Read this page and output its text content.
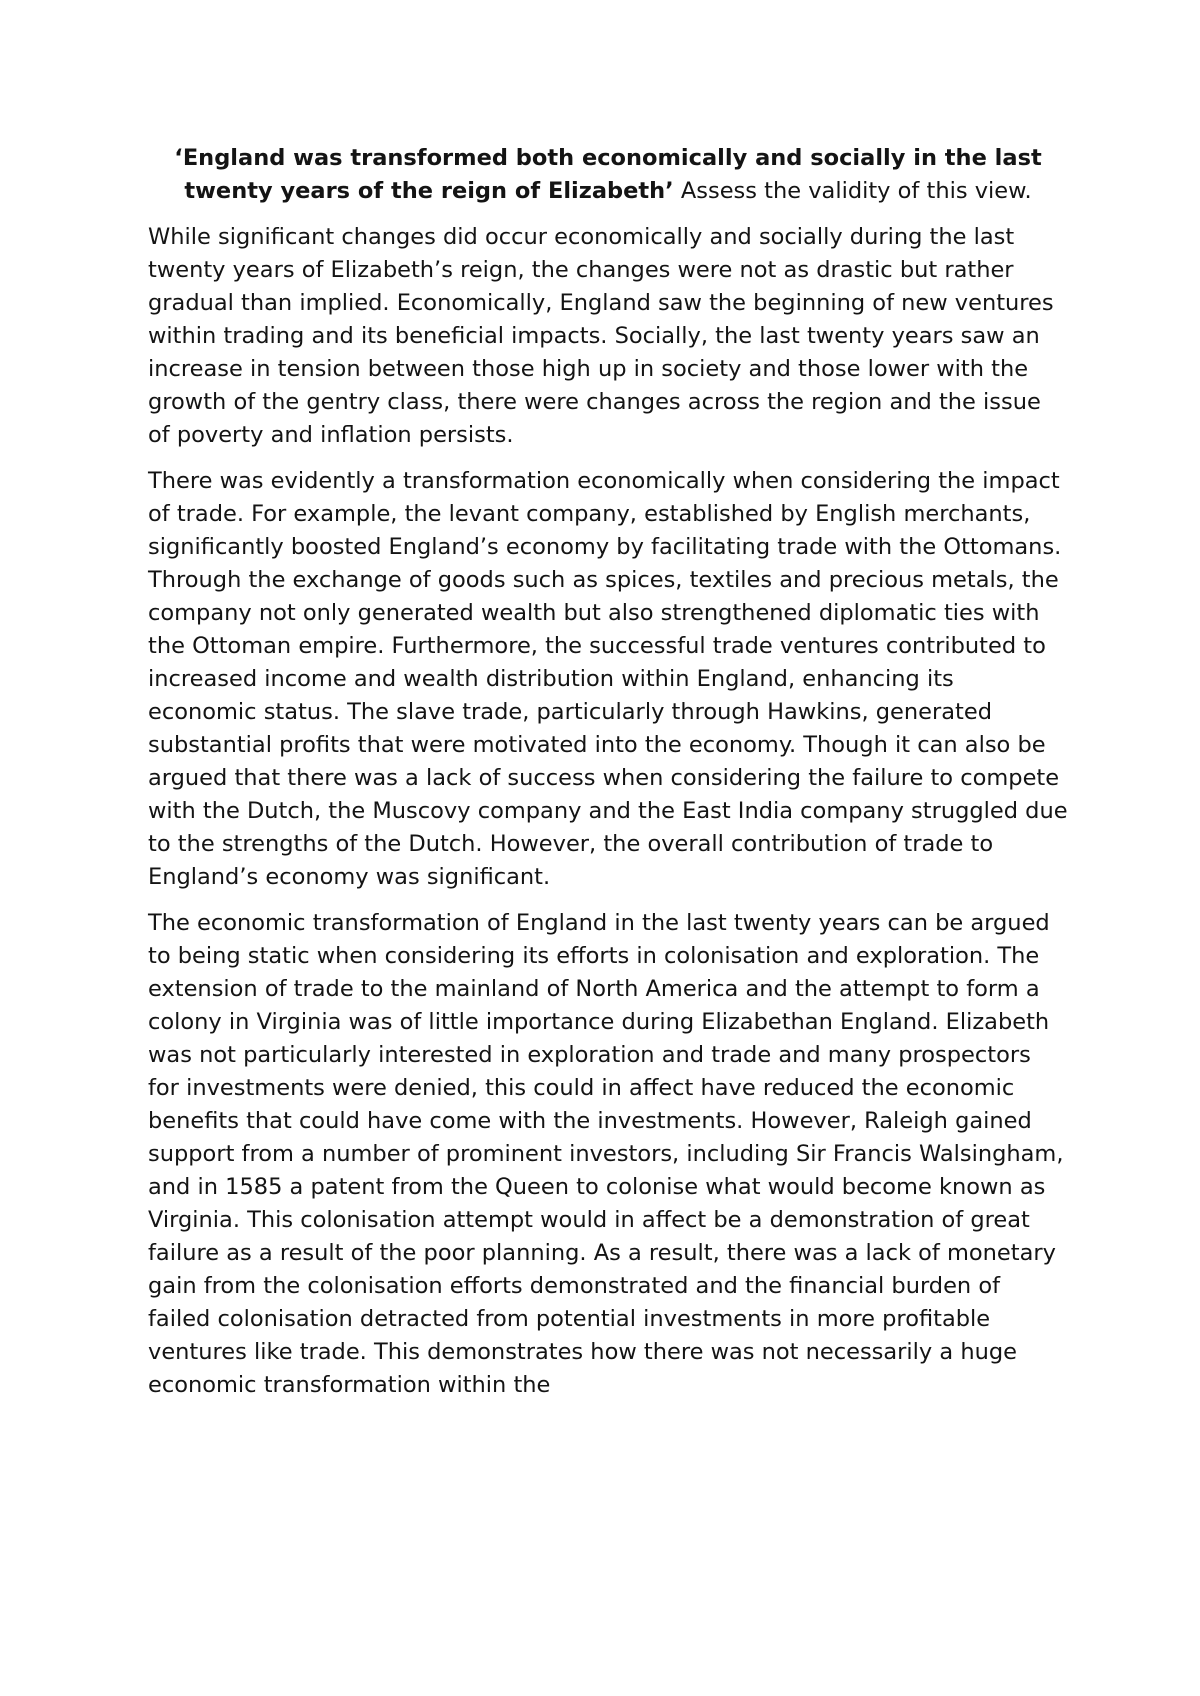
‘England was transformed both economically and socially in the last twenty years of the reign of Elizabeth’ Assess the validity of this view.

While significant changes did occur economically and socially during the last twenty years of Elizabeth’s reign, the changes were not as drastic but rather gradual than implied. Economically, England saw the beginning of new ventures within trading and its beneficial impacts. Socially, the last twenty years saw an increase in tension between those high up in society and those lower with the growth of the gentry class, there were changes across the region and the issue of poverty and inflation persists.

There was evidently a transformation economically when considering the impact of trade. For example, the levant company, established by English merchants, significantly boosted England’s economy by facilitating trade with the Ottomans. Through the exchange of goods such as spices, textiles and precious metals, the company not only generated wealth but also strengthened diplomatic ties with the Ottoman empire. Furthermore, the successful trade ventures contributed to increased income and wealth distribution within England, enhancing its economic status. The slave trade, particularly through Hawkins, generated substantial profits that were motivated into the economy. Though it can also be argued that there was a lack of success when considering the failure to compete with the Dutch, the Muscovy company and the East India company struggled due to the strengths of the Dutch. However, the overall contribution of trade to England’s economy was significant.

The economic transformation of England in the last twenty years can be argued to being static when considering its efforts in colonisation and exploration. The extension of trade to the mainland of North America and the attempt to form a colony in Virginia was of little importance during Elizabethan England. Elizabeth was not particularly interested in exploration and trade and many prospectors for investments were denied, this could in affect have reduced the economic benefits that could have come with the investments. However, Raleigh gained support from a number of prominent investors, including Sir Francis Walsingham, and in 1585 a patent from the Queen to colonise what would become known as Virginia. This colonisation attempt would in affect be a demonstration of great failure as a result of the poor planning. As a result, there was a lack of monetary gain from the colonisation efforts demonstrated and the financial burden of failed colonisation detracted from potential investments in more profitable ventures like trade. This demonstrates how there was not necessarily a huge economic transformation within the
